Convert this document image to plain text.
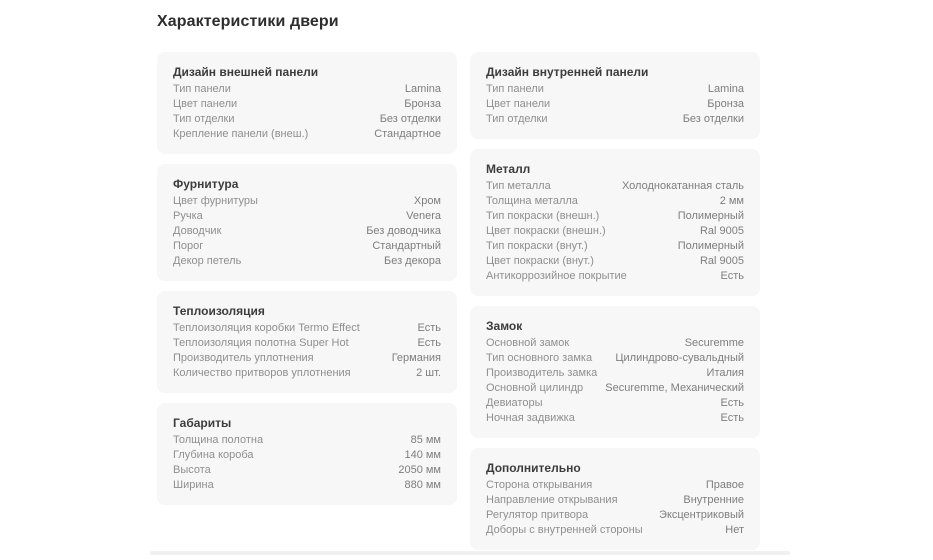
Характеристики двери
Дизайн внешней панели
Тип панели	Lamina
Цвет панели	Бронза
Тип отделки	Без отделки
Крепление панели (внеш.)	Стандартное
Фурнитура
Цвет фурнитуры	Хром
Ручка	Venera
Доводчик	Без доводчика
Порог	Стандартный
Декор петель	Без декора
Теплоизоляция
Теплоизоляция коробки Termo Effect	Есть
Теплоизоляция полотна Super Hot	Есть
Производитель уплотнения	Германия
Количество притворов уплотнения	2 шт.
Габариты
Толщина полотна	85 мм
Глубина короба	140 мм
Высота	2050 мм
Ширина	880 мм
Дизайн внутренней панели
Тип панели	Lamina
Цвет панели	Бронза
Тип отделки	Без отделки
Металл
Тип металла	Холоднокатанная сталь
Толщина металла	2 мм
Тип покраски (внешн.)	Полимерный
Цвет покраски (внешн.)	Ral 9005
Тип покраски (внут.)	Полимерный
Цвет покраски (внут.)	Ral 9005
Антикоррозийное покрытие	Есть
Замок
Основной замок	Securemme
Тип основного замка Цилиндрово-сувальдный
Производитель замка	Италия
Основной цилиндр Securemme, Механический
Девиаторы	Есть
Ночная задвижка	Есть
Дополнительно
Сторона открывания	Правое
Направление открывания	Внутренние
Регулятор притвора	Эксцентриковый
Доборы с внутренней стороны	Нет
